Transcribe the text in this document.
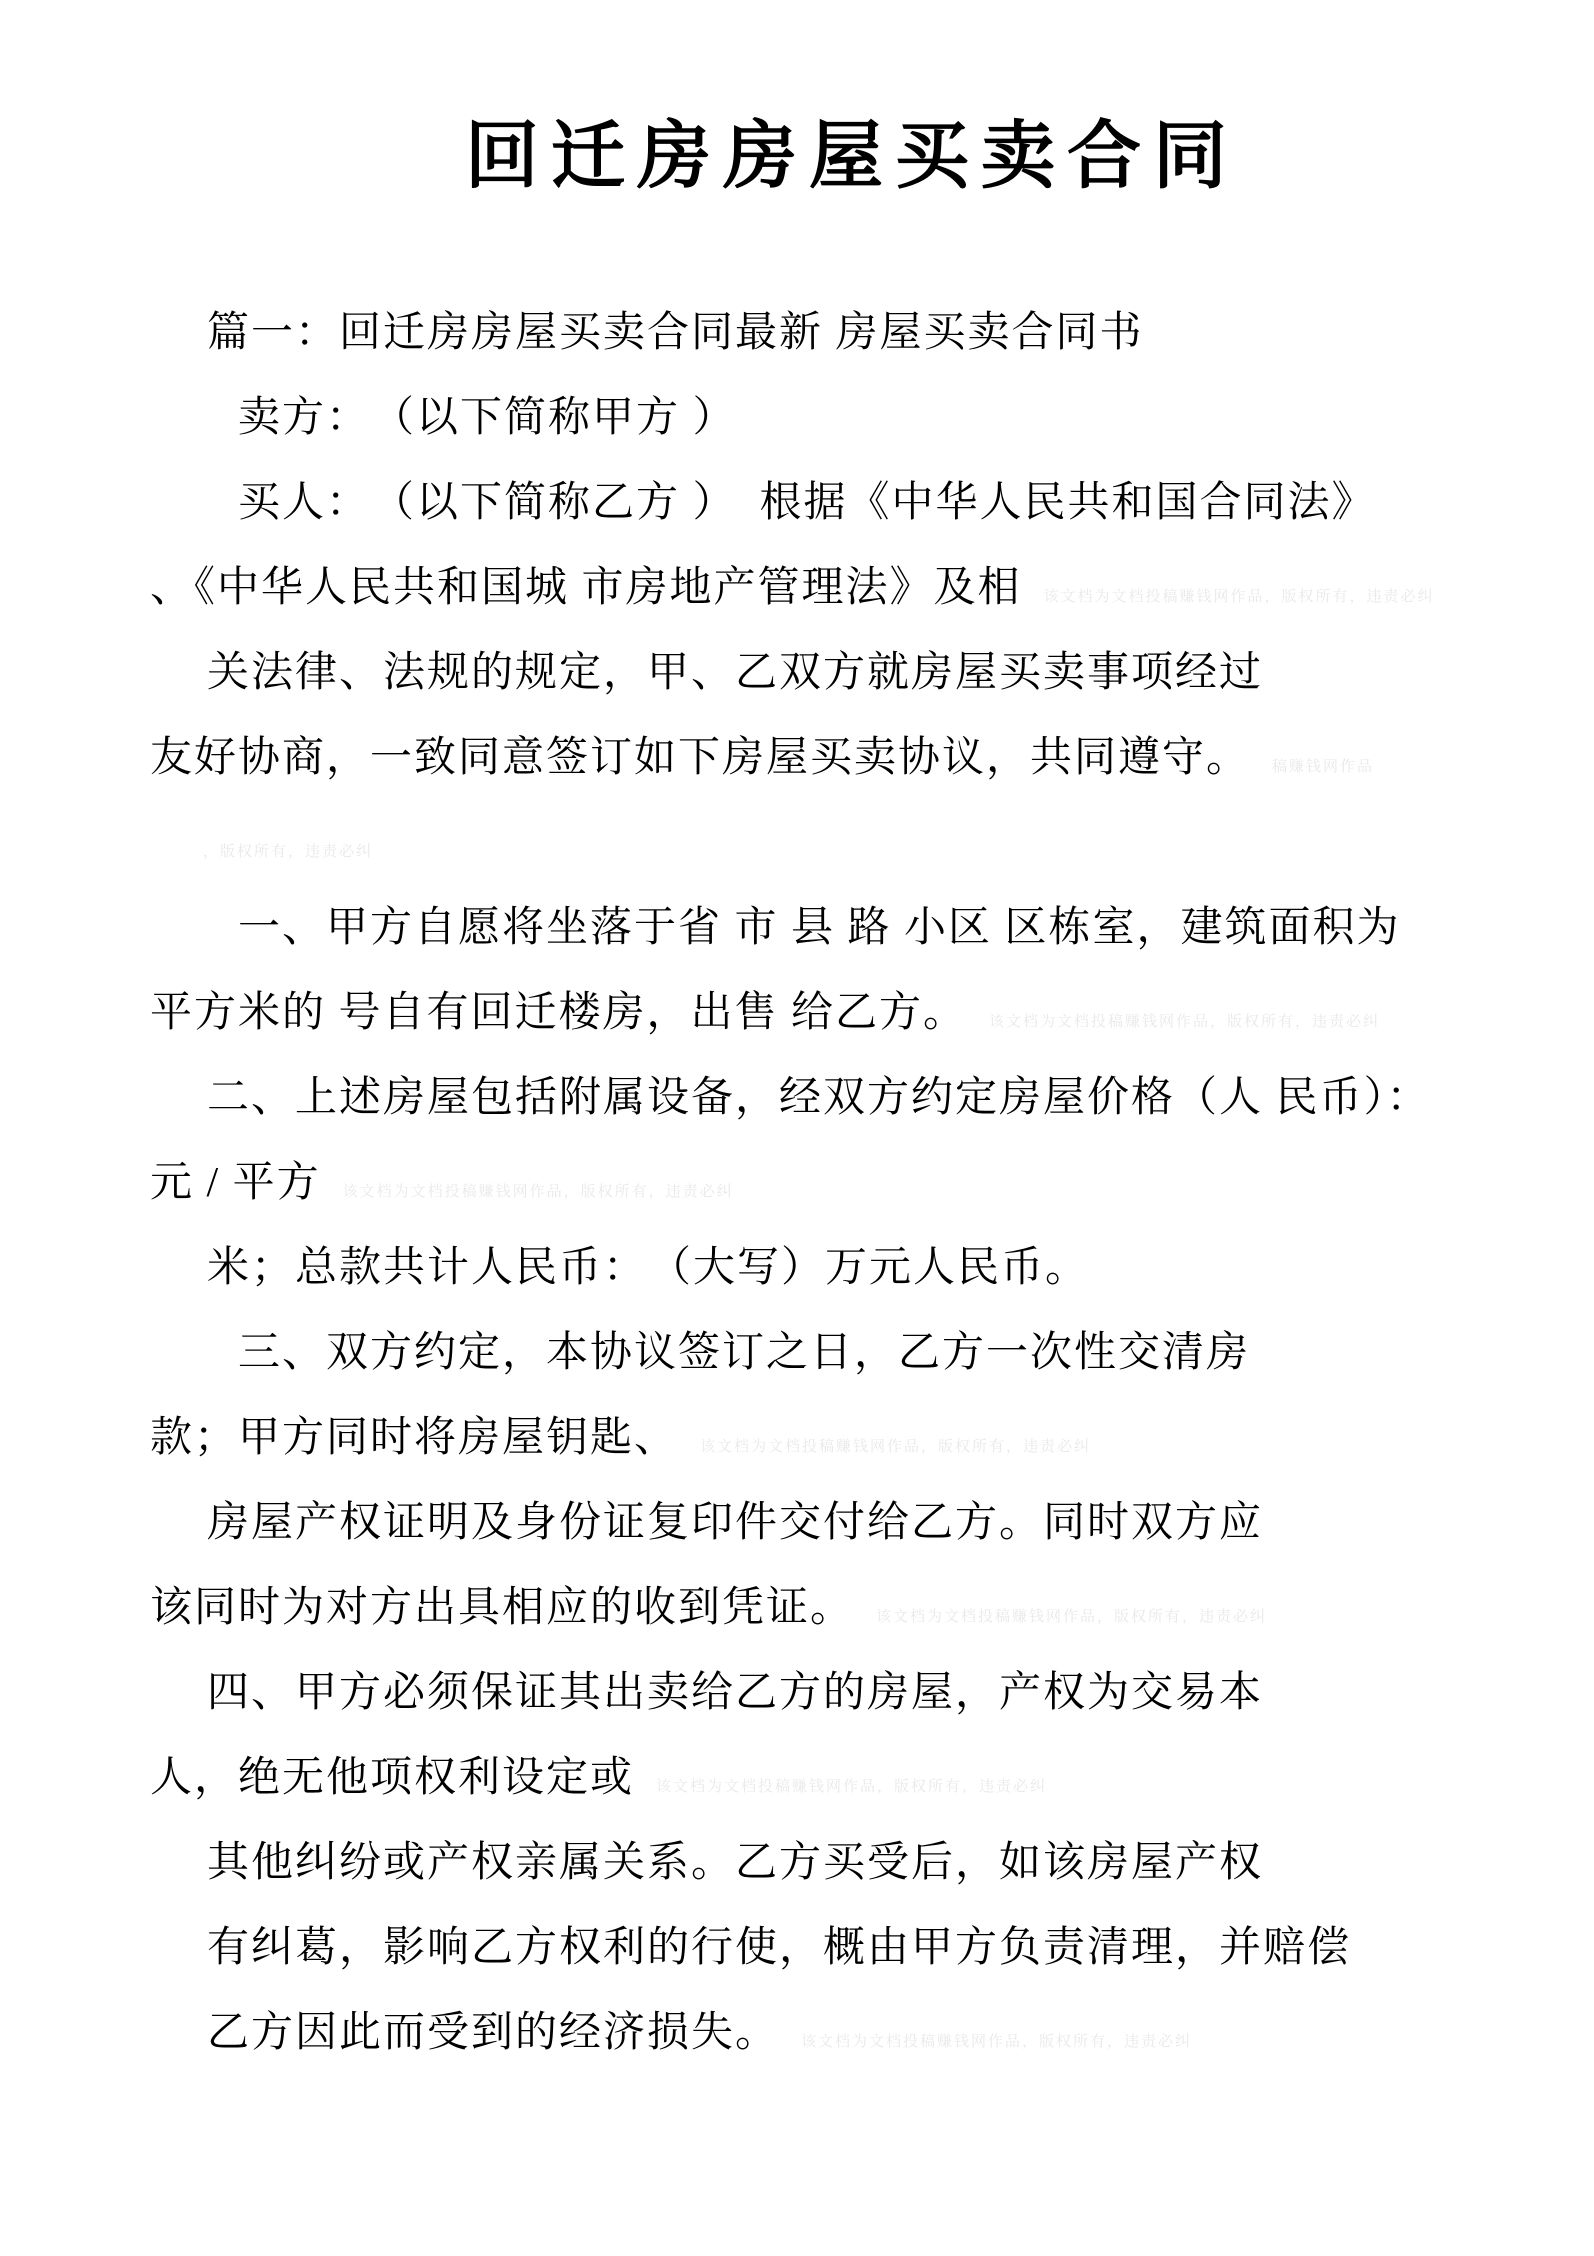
回迁房房屋买卖合同
篇一：回迁房房屋买卖合同最新 房屋买卖合同书
卖方：　（以下简称甲方 ）
买人：　（以下简称乙方 ）　根据《中华人民共和国合同法》
、《中华人民共和国城 市房地产管理法》及相 该文档为文档投稿赚钱网作品，版权所有，违责必纠
关法律、法规的规定，甲、乙双方就房屋买卖事项经过
友好协商，一致同意签订如下房屋买卖协议，共同遵守。 稿赚钱网作品
，版权所有，违责必纠
一、甲方自愿将坐落于省 市 县 路 小区 区栋室，建筑面积为
平方米的 号自有回迁楼房，出售 给乙方。 该文档为文档投稿赚钱网作品，版权所有，违责必纠
二、上述房屋包括附属设备，经双方约定房屋价格（人 民币）：
元 / 平方 该文档为文档投稿赚钱网作品，版权所有，违责必纠
米；总款共计人民币：　（大写）万元人民币。
三、双方约定，本协议签订之日，乙方一次性交清房
款；甲方同时将房屋钥匙、 该文档为文档投稿赚钱网作品，版权所有，违责必纠
房屋产权证明及身份证复印件交付给乙方。同时双方应
该同时为对方出具相应的收到凭证。 该文档为文档投稿赚钱网作品，版权所有，违责必纠
四、甲方必须保证其出卖给乙方的房屋，产权为交易本
人，绝无他项权利设定或 该文档为文档投稿赚钱网作品，版权所有，违责必纠
其他纠纷或产权亲属关系。乙方买受后，如该房屋产权
有纠葛，影响乙方权利的行使，概由甲方负责清理，并赔偿
乙方因此而受到的经济损失。 该文档为文档投稿赚钱网作品，版权所有，违责必纠
